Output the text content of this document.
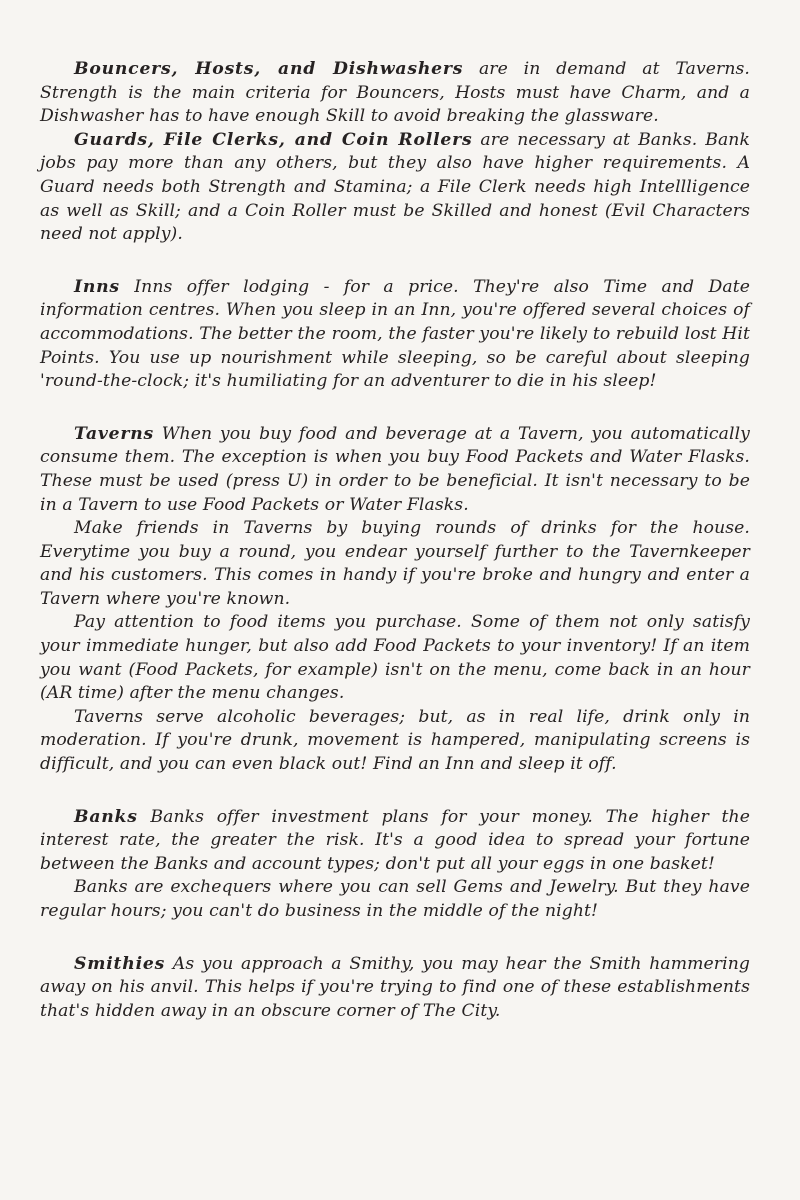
Bouncers, Hosts, and Dishwashers are in demand at Taverns. Strength is the main criteria for Bouncers, Hosts must have Charm, and a Dishwasher has to have enough Skill to avoid breaking the glassware.

Guards, File Clerks, and Coin Rollers are necessary at Banks. Bank jobs pay more than any others, but they also have higher requirements. A Guard needs both Strength and Stamina; a File Clerk needs high Intellligence as well as Skill; and a Coin Roller must be Skilled and honest (Evil Characters need not apply).

Inns Inns offer lodging - for a price. They're also Time and Date information centres. When you sleep in an Inn, you're offered several choices of accommodations. The better the room, the faster you're likely to rebuild lost Hit Points. You use up nourishment while sleeping, so be careful about sleeping 'round-the-clock; it's humiliating for an adventurer to die in his sleep!

Taverns When you buy food and beverage at a Tavern, you automatically consume them. The exception is when you buy Food Packets and Water Flasks. These must be used (press U) in order to be beneficial. It isn't necessary to be in a Tavern to use Food Packets or Water Flasks.

Make friends in Taverns by buying rounds of drinks for the house. Everytime you buy a round, you endear yourself further to the Tavernkeeper and his customers. This comes in handy if you're broke and hungry and enter a Tavern where you're known.

Pay attention to food items you purchase. Some of them not only satisfy your immediate hunger, but also add Food Packets to your inventory! If an item you want (Food Packets, for example) isn't on the menu, come back in an hour (AR time) after the menu changes.

Taverns serve alcoholic beverages; but, as in real life, drink only in moderation. If you're drunk, movement is hampered, manipulating screens is difficult, and you can even black out! Find an Inn and sleep it off.

Banks Banks offer investment plans for your money. The higher the interest rate, the greater the risk. It's a good idea to spread your fortune between the Banks and account types; don't put all your eggs in one basket!

Banks are exchequers where you can sell Gems and Jewelry. But they have regular hours; you can't do business in the middle of the night!

Smithies As you approach a Smithy, you may hear the Smith hammering away on his anvil. This helps if you're trying to find one of these establishments that's hidden away in an obscure corner of The City.
